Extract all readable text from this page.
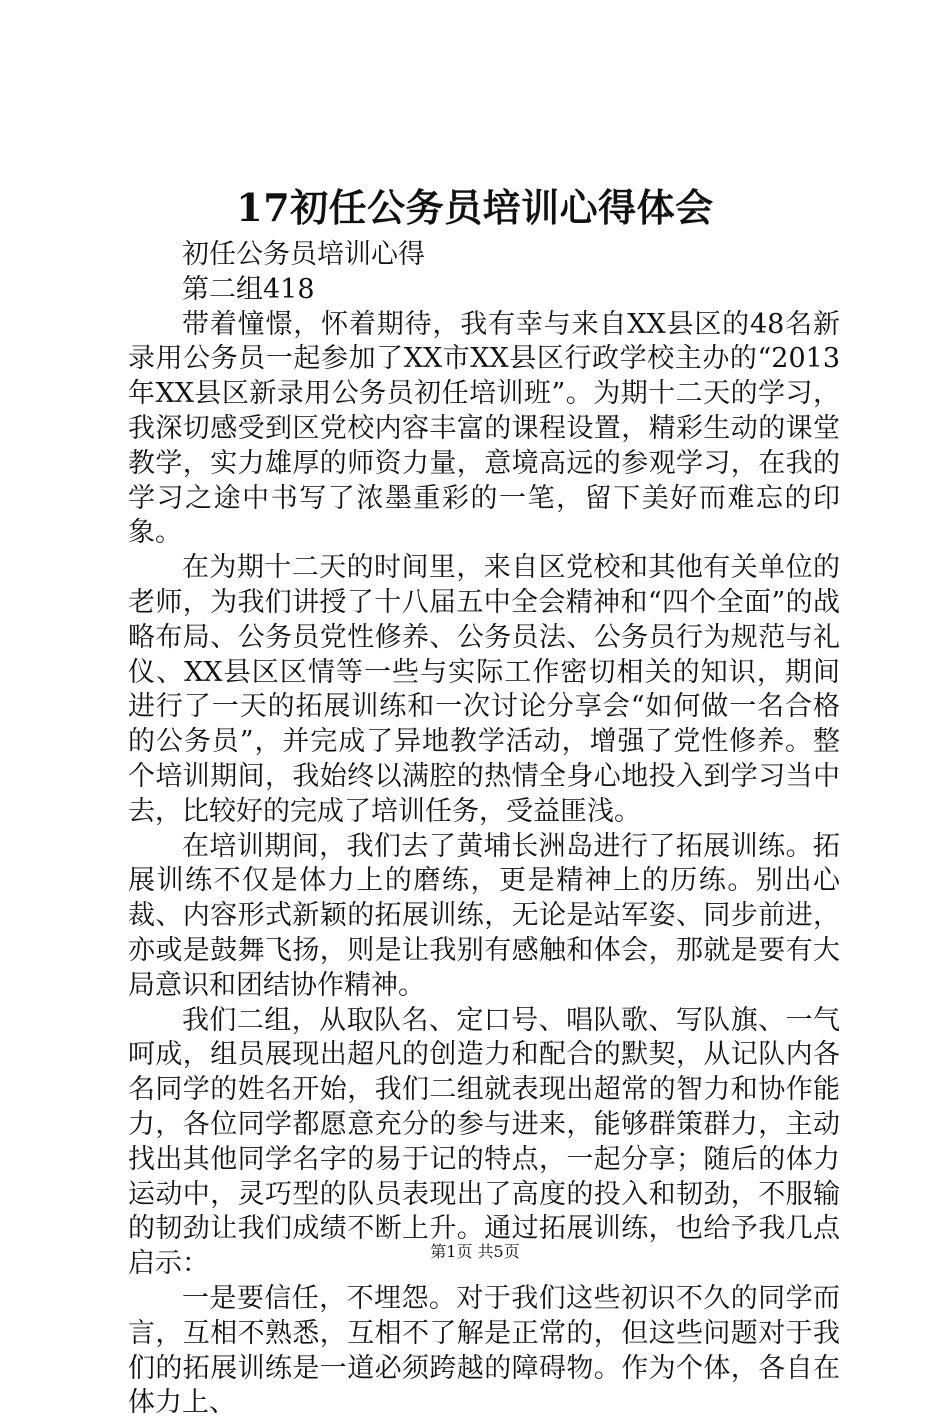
17初任公务员培训心得体会

初任公务员培训心得

第二组418

带着憧憬，怀着期待，我有幸与来自XX县区的48名新录用公务员一起参加了XX市XX县区行政学校主办的“2013年XX县区新录用公务员初任培训班”。为期十二天的学习，我深切感受到区党校内容丰富的课程设置，精彩生动的课堂教学，实力雄厚的师资力量，意境高远的参观学习，在我的学习之途中书写了浓墨重彩的一笔，留下美好而难忘的印象。

在为期十二天的时间里，来自区党校和其他有关单位的老师，为我们讲授了十八届五中全会精神和“四个全面”的战略布局、公务员党性修养、公务员法、公务员行为规范与礼仪、XX县区区情等一些与实际工作密切相关的知识，期间进行了一天的拓展训练和一次讨论分享会“如何做一名合格的公务员”，并完成了异地教学活动，增强了党性修养。整个培训期间，我始终以满腔的热情全身心地投入到学习当中去，比较好的完成了培训任务，受益匪浅。

在培训期间，我们去了黄埔长洲岛进行了拓展训练。拓展训练不仅是体力上的磨练，更是精神上的历练。别出心裁、内容形式新颖的拓展训练，无论是站军姿、同步前进，亦或是鼓舞飞扬，则是让我别有感触和体会，那就是要有大局意识和团结协作精神。

我们二组，从取队名、定口号、唱队歌、写队旗、一气呵成，组员展现出超凡的创造力和配合的默契，从记队内各名同学的姓名开始，我们二组就表现出超常的智力和协作能力，各位同学都愿意充分的参与进来，能够群策群力，主动找出其他同学名字的易于记的特点，一起分享；随后的体力运动中，灵巧型的队员表现出了高度的投入和韧劲，不服输的韧劲让我们成绩不断上升。通过拓展训练，也给予我几点启示：

一是要信任，不埋怨。对于我们这些初识不久的同学而言，互相不熟悉，互相不了解是正常的，但这些问题对于我们的拓展训练是一道必须跨越的障碍物。作为个体，各自在体力上、

第1页 共5页
